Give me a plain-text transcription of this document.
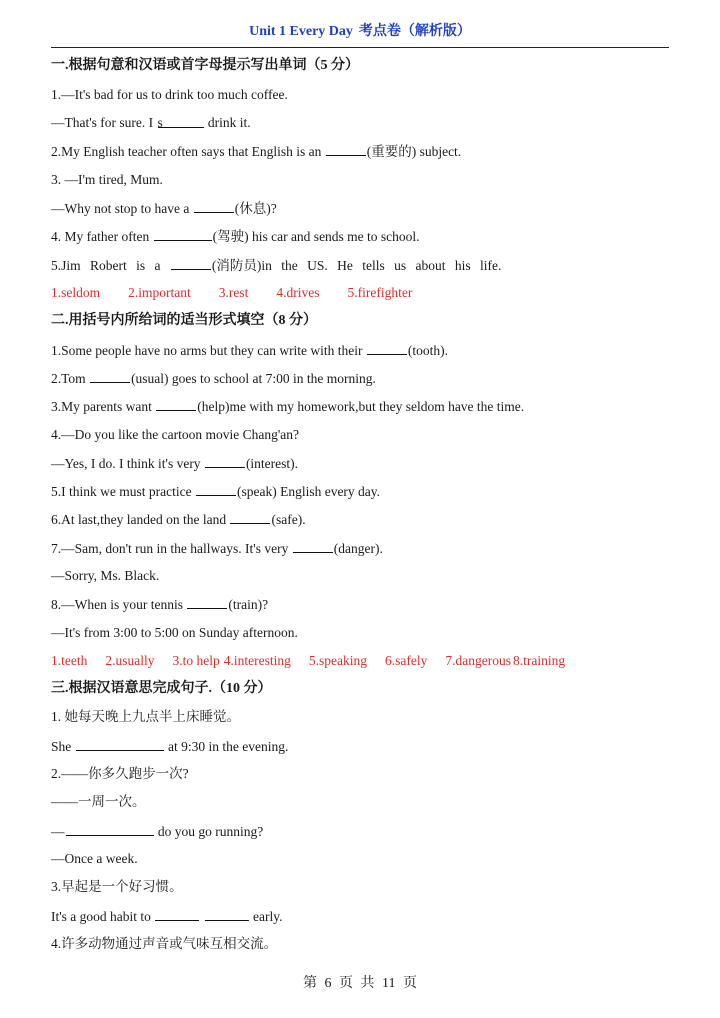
Unit 1 Every Day 考点卷（解析版）
一.根据句意和汉语或首字母提示写出单词（5 分）
1.—It's bad for us to drink too much coffee.
—That's for sure. I s	drink it.
2.My English teacher often says that English is an	(重要的) subject.
3. —I'm tired, Mum.
—Why not stop to have a	(休息)?
4. My father often	(驾驶) his car and sends me to school.
5.Jim Robert is a	(消防员)in the US. He tells us about his life.
1.seldom 2.important 3.rest 4.drives 5.firefighter
二.用括号内所给词的适当形式填空（8 分）
1.Some people have no arms but they can write with their	(tooth).
2.Tom	(usual) goes to school at 7:00 in the morning.
3.My parents want	(help)me with my homework,but they seldom have the time.
4.—Do you like the cartoon movie Chang'an?
—Yes, I do. I think it's very	(interest).
5.I think we must practice	(speak) English every day.
6.At last,they landed on the land	(safe).
7.—Sam, don't run in the hallways. It's very	(danger).
—Sorry, Ms. Black.
8.—When is your tennis	(train)?
—It's from 3:00 to 5:00 on Sunday afternoon.
1.teeth 2.usually 3.to help 4.interesting 5.speaking 6.safely 7.dangerous 8.training
三.根据汉语意思完成句子.（10 分）
1. 她每天晚上九点半上床睡觉。
She	at 9:30 in the evening.
2.——你多久跑步一次?
——一周一次。
—	do you go running?
—Once a week.
3.早起是一个好习惯。
It's a good habit to	early.
4.许多动物通过声音或气味互相交流。
第 6 页 共 11 页
